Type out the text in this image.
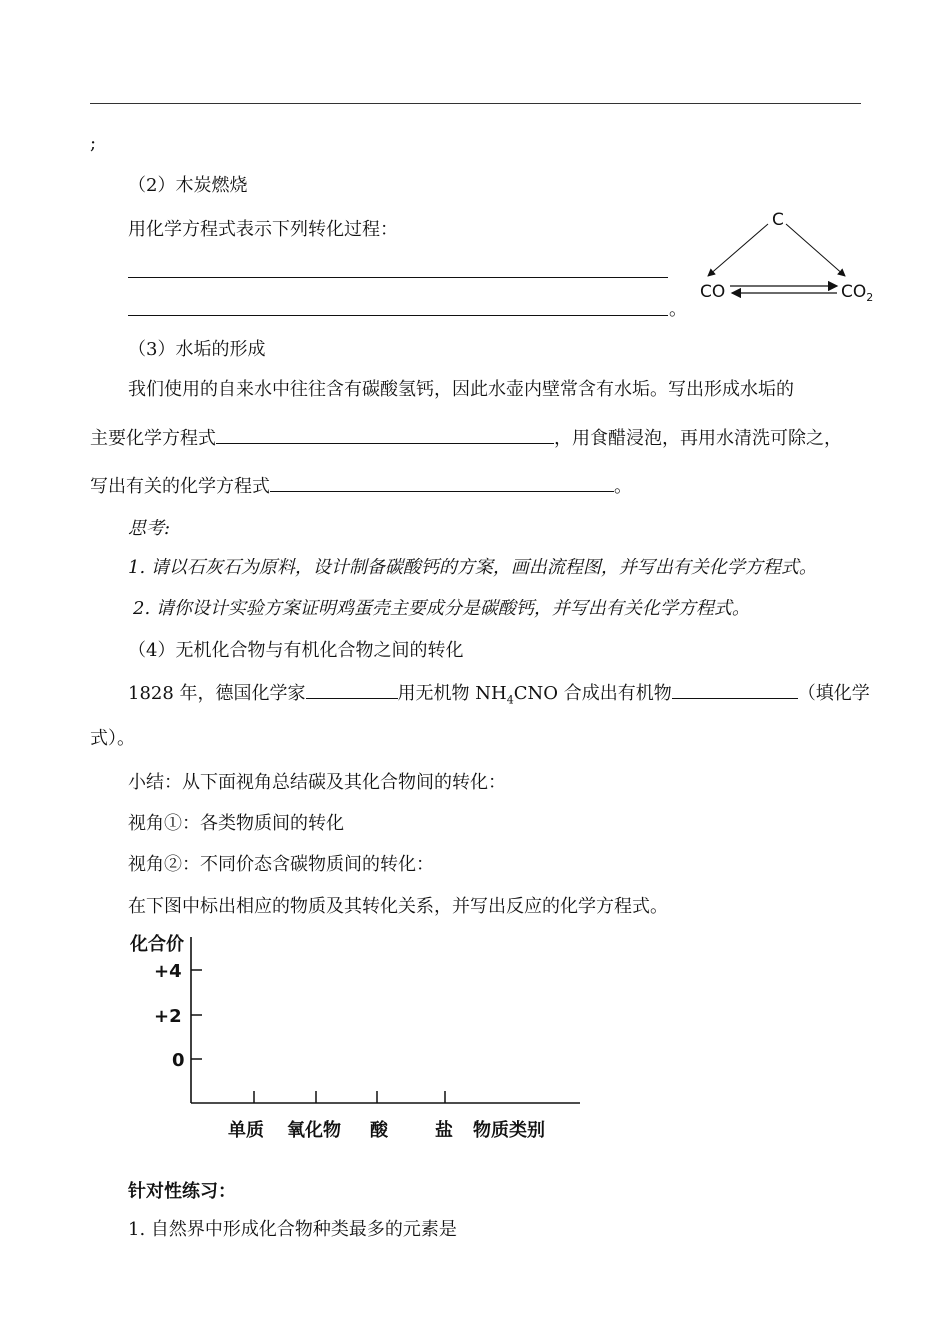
;
（2）木炭燃烧
用化学方程式表示下列转化过程：
。
C
CO	$CO_2$
（3）水垢的形成
我们使用的自来水中往往含有碳酸氢钙，因此水壶内壁常含有水垢。写出形成水垢的
主要化学方程式	，用食醋浸泡，再用水清洗可除之，
写出有关的化学方程式	。
思考:
1. 请以石灰石为原料，设计制备碳酸钙的方案，画出流程图，并写出有关化学方程式。
2. 请你设计实验方案证明鸡蛋壳主要成分是碳酸钙，并写出有关化学方程式。
（4）无机化合物与有机化合物之间的转化
1828 年，德国化学家	用无机物 $NH_4CNO$ 合成出有机物	（填化学
式）。
小结：从下面视角总结碳及其化合物间的转化：
视角①：各类物质间的转化
视角②：不同价态含碳物质间的转化：
在下图中标出相应的物质及其转化关系，并写出反应的化学方程式。
化合价
+4
+2
0
单质 氧化物 酸	盐 物质类别
针对性练习：
1. 自然界中形成化合物种类最多的元素是
